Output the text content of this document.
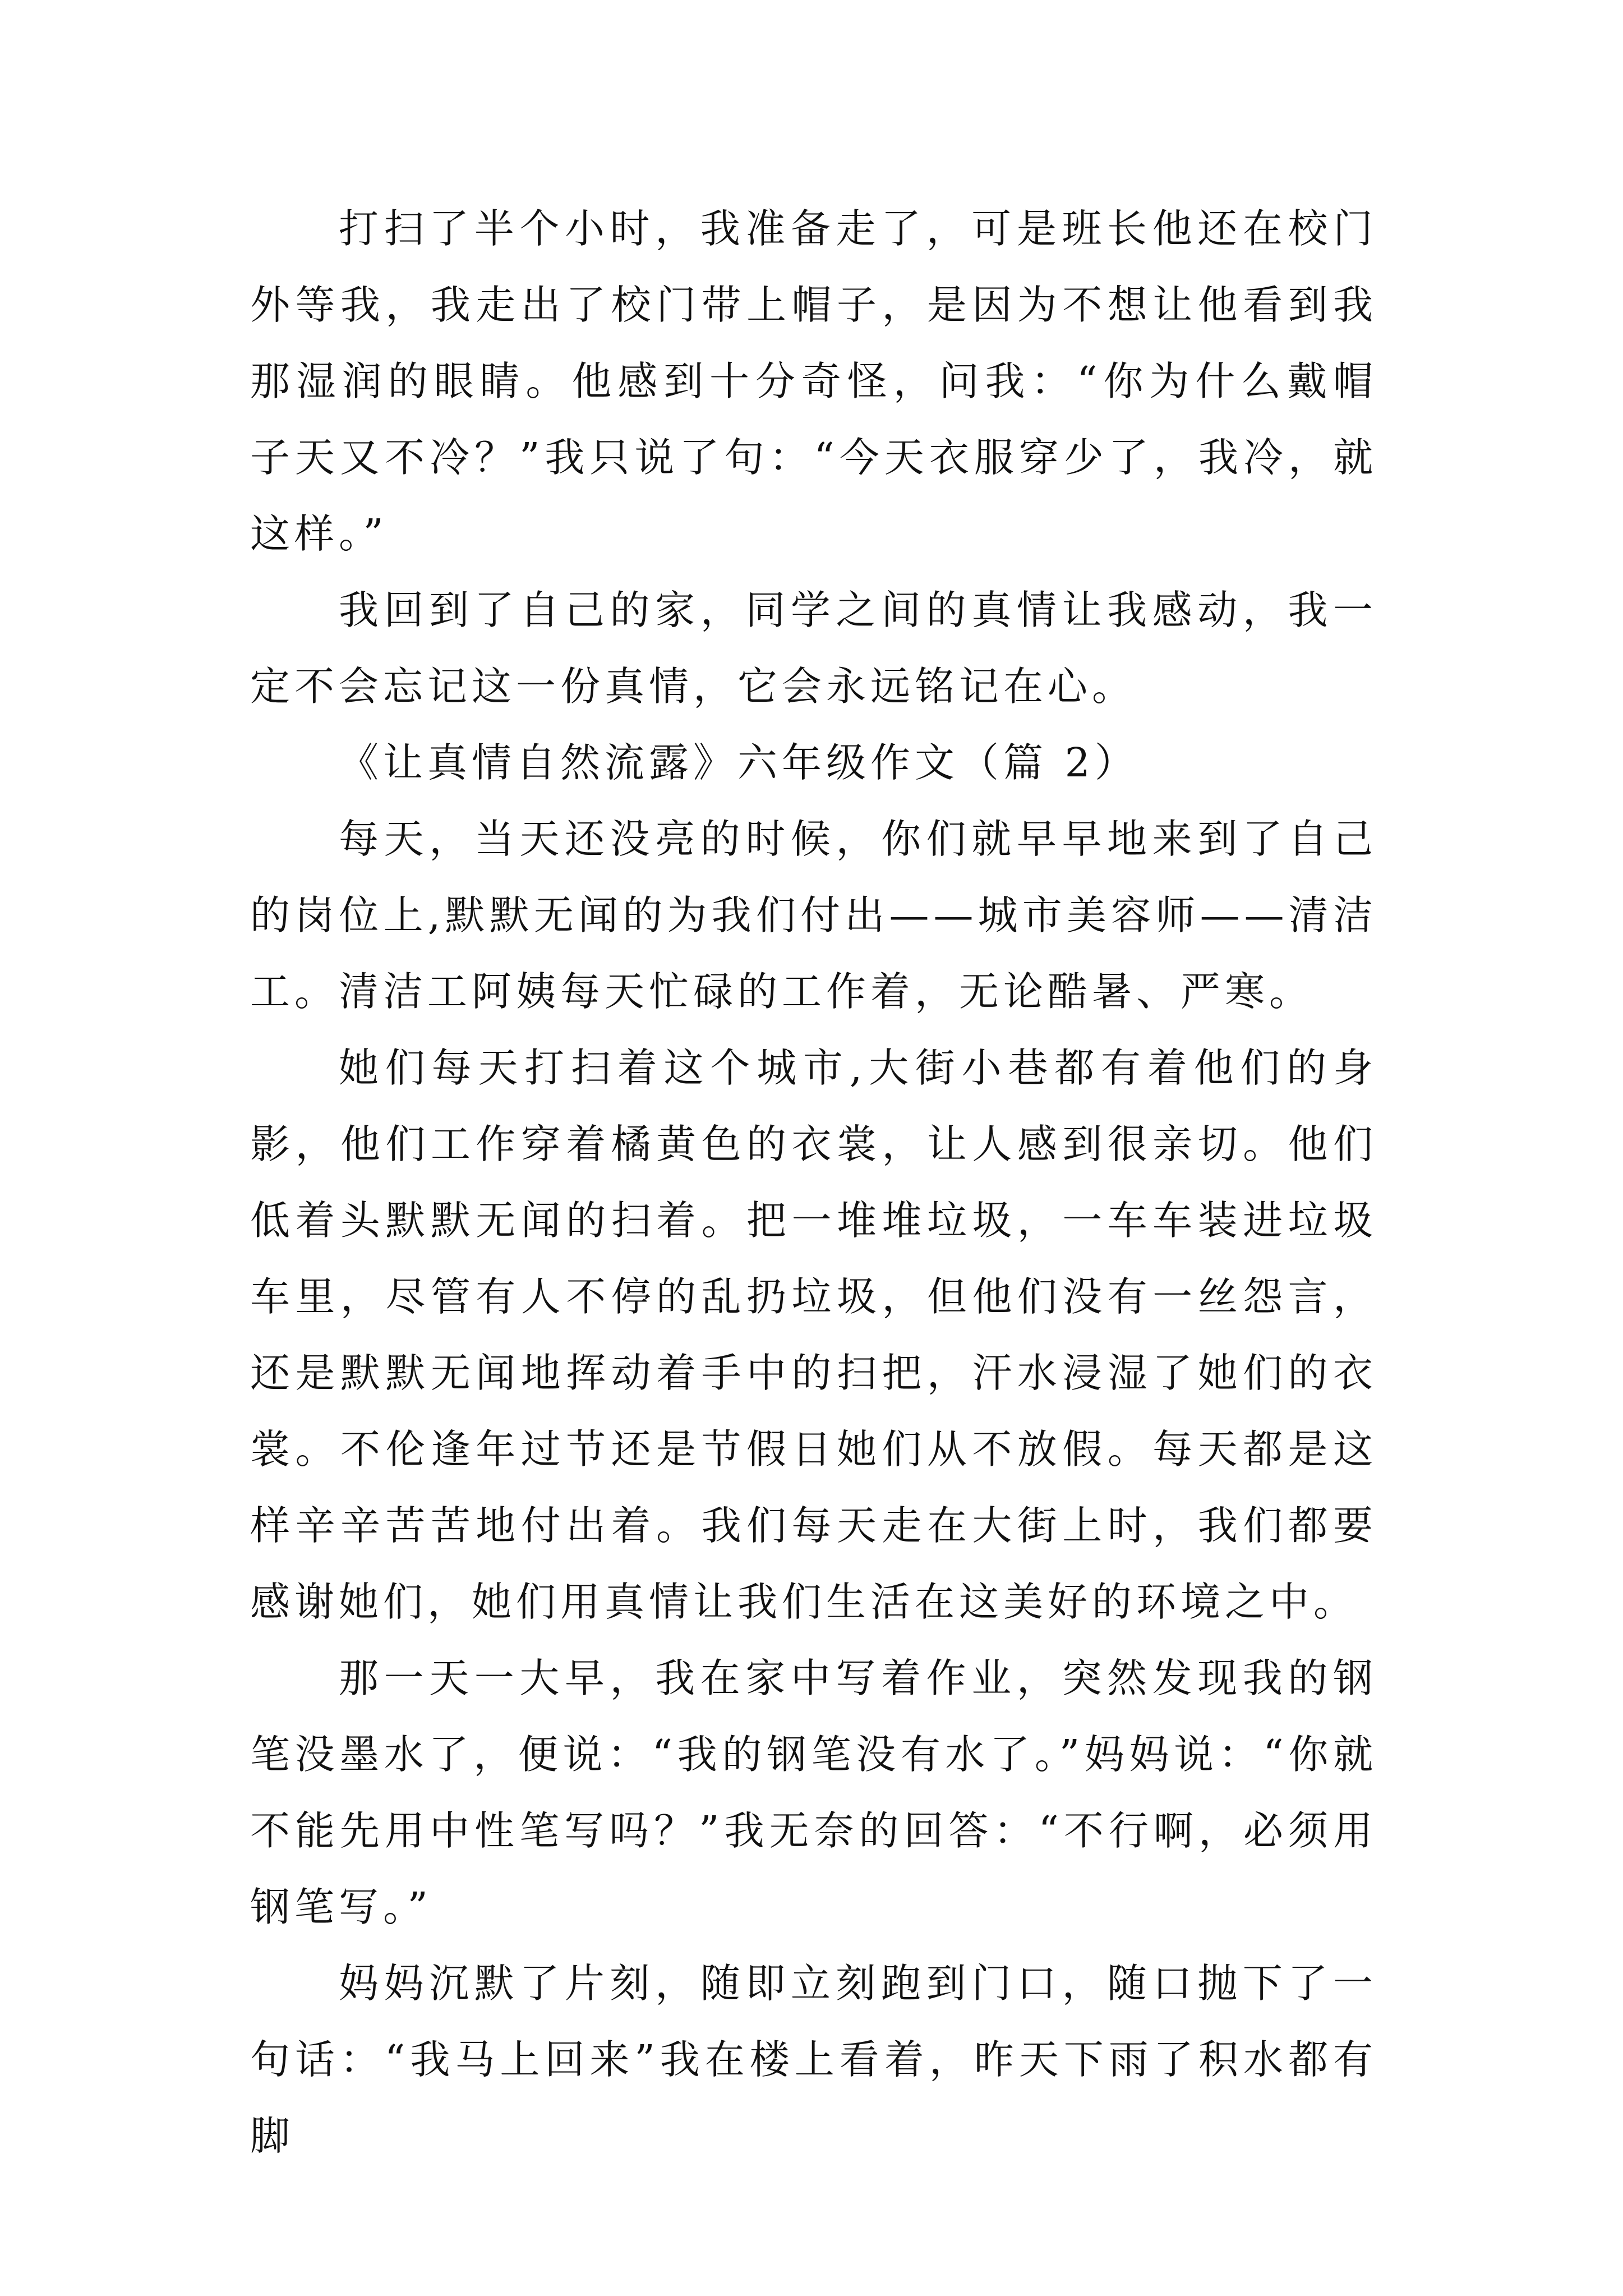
打扫了半个小时，我准备走了，可是班长他还在校门外等我，我走出了校门带上帽子，是因为不想让他看到我那湿润的眼睛。他感到十分奇怪，问我：“你为什么戴帽子天又不冷？”我只说了句：“今天衣服穿少了，我冷，就这样。”

我回到了自己的家，同学之间的真情让我感动，我一定不会忘记这一份真情，它会永远铭记在心。

《让真情自然流露》六年级作文（篇 2）

每天，当天还没亮的时候，你们就早早地来到了自己的岗位上,默默无闻的为我们付出——城市美容师——清洁工。清洁工阿姨每天忙碌的工作着，无论酷暑、严寒。

她们每天打扫着这个城市,大街小巷都有着他们的身影，他们工作穿着橘黄色的衣裳，让人感到很亲切。他们低着头默默无闻的扫着。把一堆堆垃圾，一车车装进垃圾车里，尽管有人不停的乱扔垃圾，但他们没有一丝怨言，还是默默无闻地挥动着手中的扫把，汗水浸湿了她们的衣裳。不伦逢年过节还是节假日她们从不放假。每天都是这样辛辛苦苦地付出着。我们每天走在大街上时，我们都要感谢她们，她们用真情让我们生活在这美好的环境之中。

那一天一大早，我在家中写着作业，突然发现我的钢笔没墨水了，便说：“我的钢笔没有水了。”妈妈说：“你就不能先用中性笔写吗？”我无奈的回答：“不行啊，必须用钢笔写。”

妈妈沉默了片刻，随即立刻跑到门口，随口抛下了一句话：“我马上回来”我在楼上看着，昨天下雨了积水都有脚
